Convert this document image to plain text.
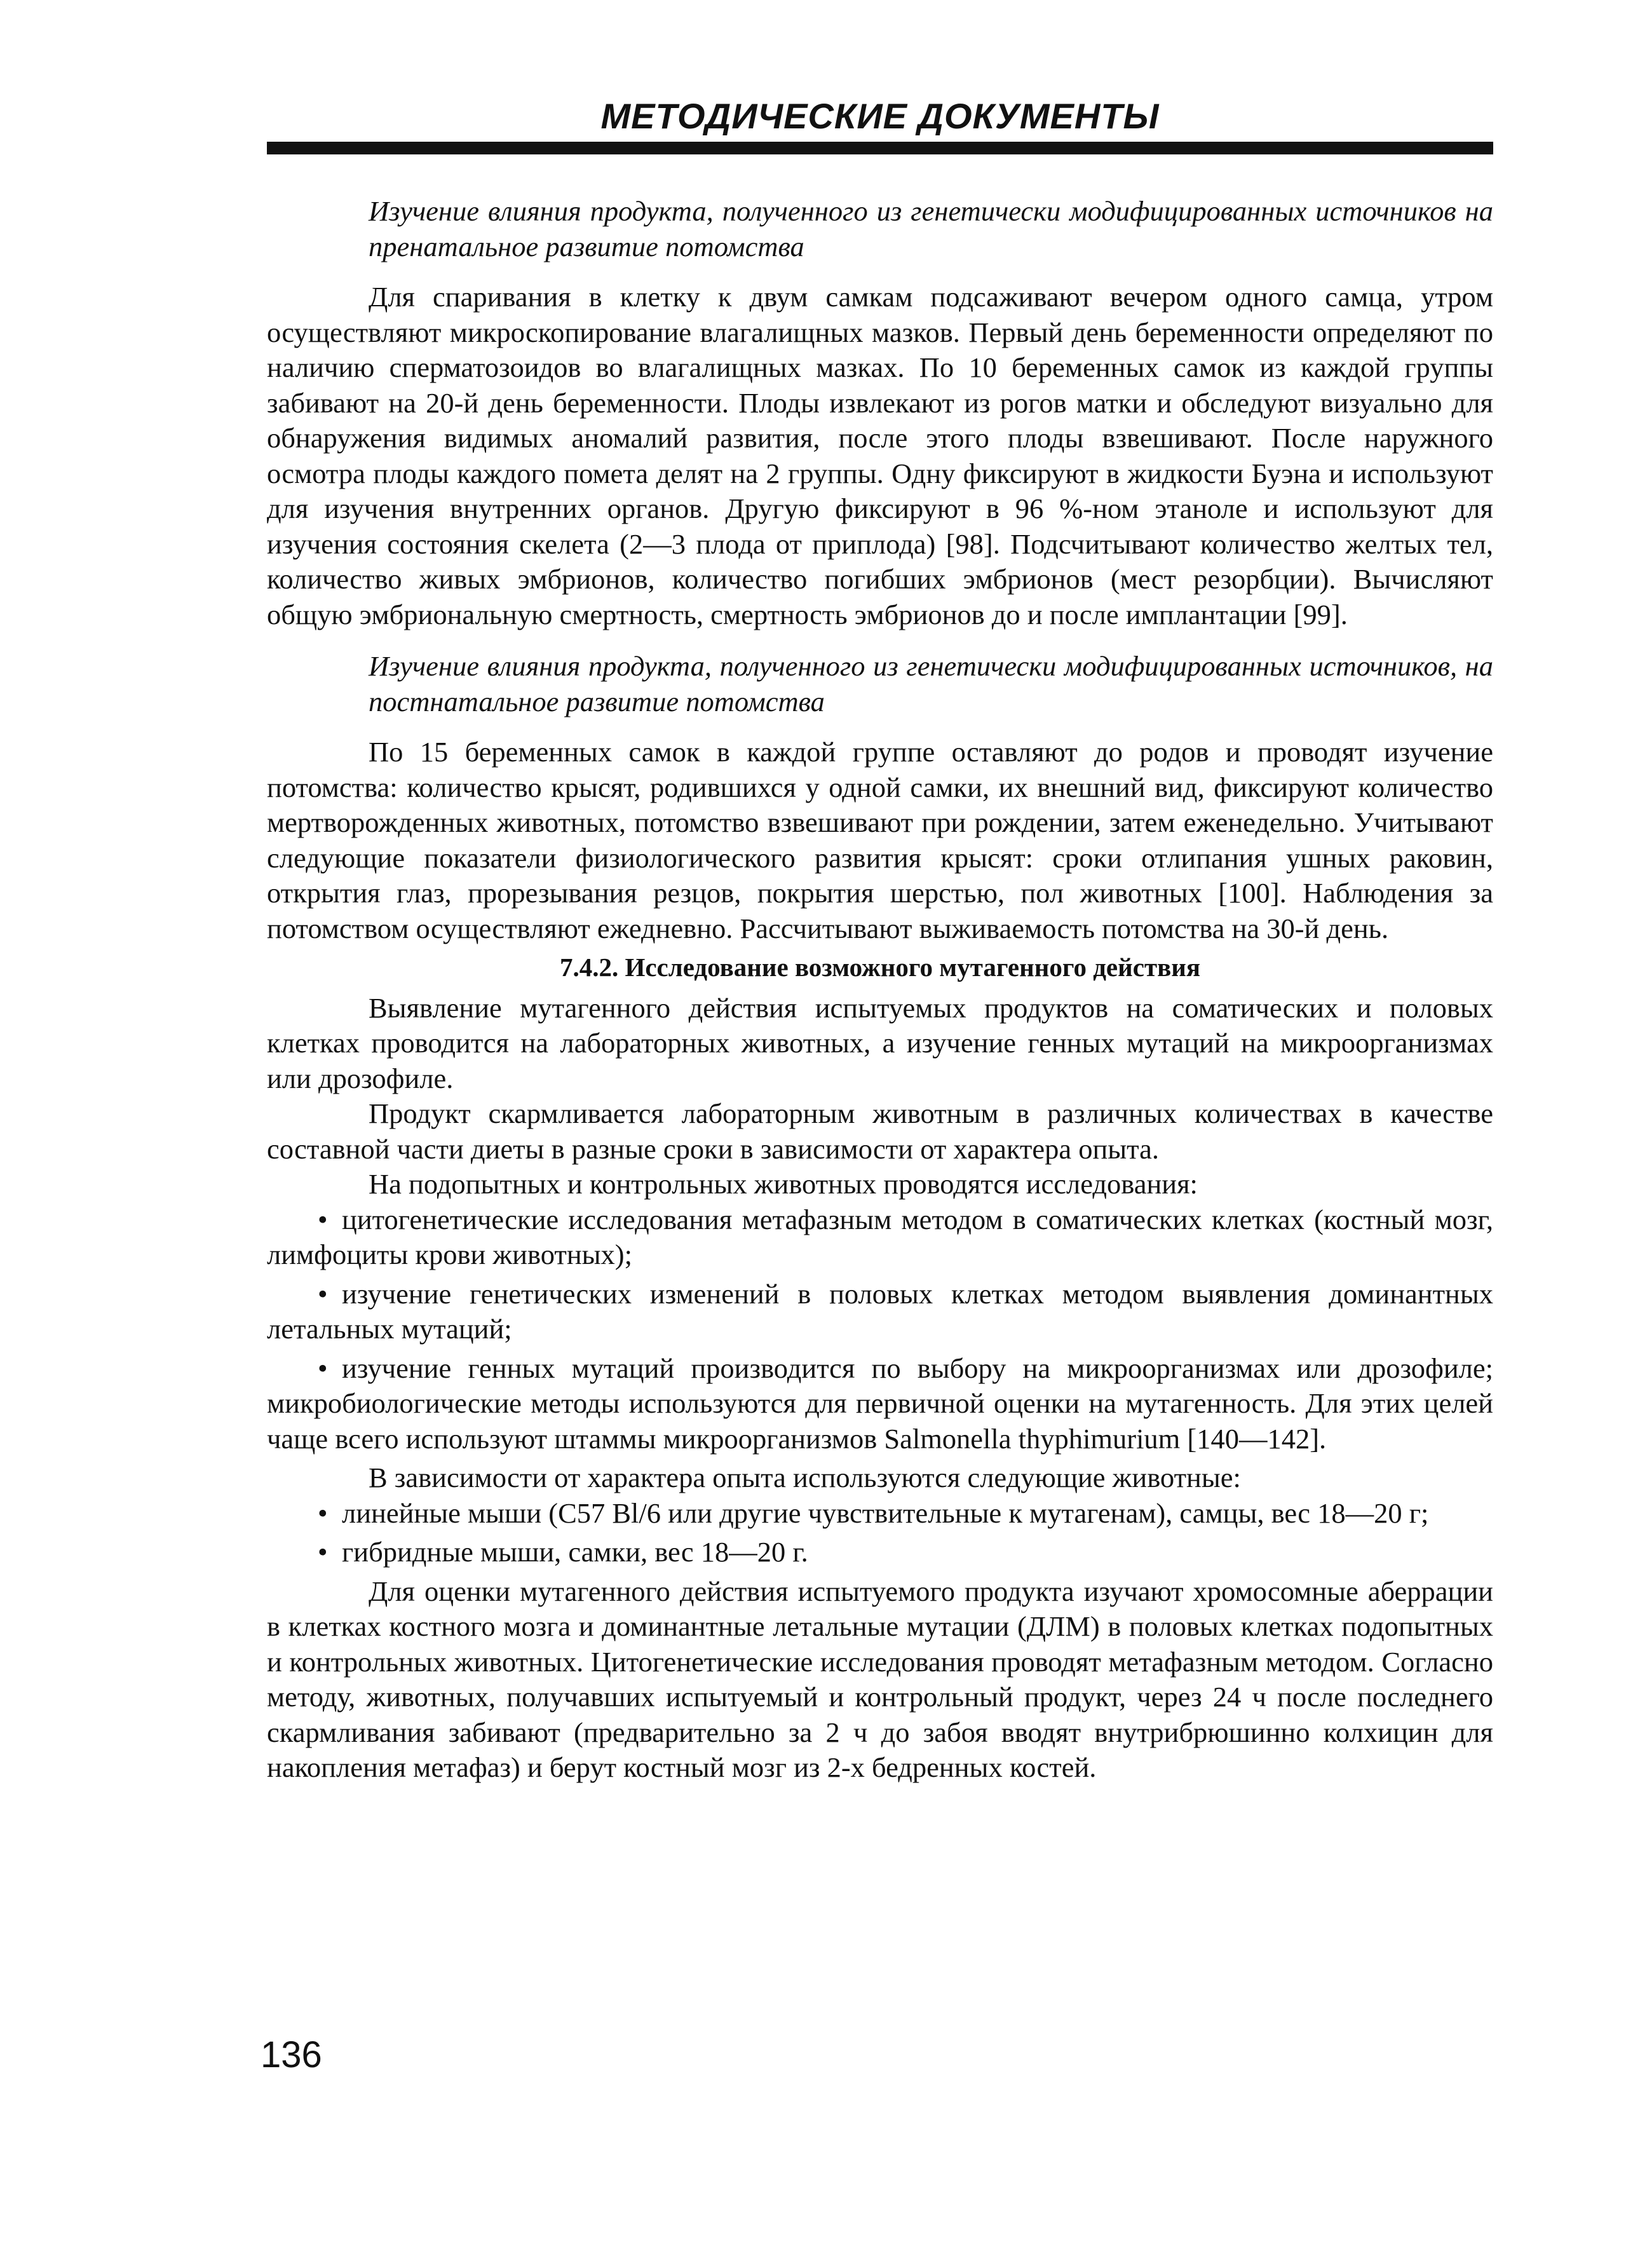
МЕТОДИЧЕСКИЕ ДОКУМЕНТЫ

Изучение влияния продукта, полученного из генетически модифицированных источников на пренатальное развитие потомства

Для спаривания в клетку к двум самкам подсаживают вечером одного самца, утром осуществляют микроскопирование влагалищных мазков. Первый день беременности определяют по наличию сперматозоидов во влагалищных мазках. По 10 беременных самок из каждой группы забивают на 20-й день беременности. Плоды извлекают из рогов матки и обследуют визуально для обнаружения видимых аномалий развития, после этого плоды взвешивают. После наружного осмотра плоды каждого помета делят на 2 группы. Одну фиксируют в жидкости Буэна и используют для изучения внутренних органов. Другую фиксируют в 96 %-ном этаноле и используют для изучения состояния скелета (2—3 плода от приплода) [98]. Подсчитывают количество желтых тел, количество живых эмбрионов, количество погибших эмбрионов (мест резорбции). Вычисляют общую эмбриональную смертность, смертность эмбрионов до и после имплантации [99].

Изучение влияния продукта, полученного из генетически модифицированных источников, на постнатальное развитие потомства

По 15 беременных самок в каждой группе оставляют до родов и проводят изучение потомства: количество крысят, родившихся у одной самки, их внешний вид, фиксируют количество мертворожденных животных, потомство взвешивают при рождении, затем еженедельно. Учитывают следующие показатели физиологического развития крысят: сроки отлипания ушных раковин, открытия глаз, прорезывания резцов, покрытия шерстью, пол животных [100]. Наблюдения за потомством осуществляют ежедневно. Рассчитывают выживаемость потомства на 30-й день.

7.4.2. Исследование возможного мутагенного действия

Выявление мутагенного действия испытуемых продуктов на соматических и половых клетках проводится на лабораторных животных, а изучение генных мутаций на микроорганизмах или дрозофиле.

Продукт скармливается лабораторным животным в различных количествах в качестве составной части диеты в разные сроки в зависимости от характера опыта.

На подопытных и контрольных животных проводятся исследования:

• цитогенетические исследования метафазным методом в соматических клетках (костный мозг, лимфоциты крови животных);

• изучение генетических изменений в половых клетках методом выявления доминантных летальных мутаций;

• изучение генных мутаций производится по выбору на микроорганизмах или дрозофиле; микробиологические методы используются для первичной оценки на мутагенность. Для этих целей чаще всего используют штаммы микроорганизмов Salmonella thyphimurium [140—142].

В зависимости от характера опыта используются следующие животные:

• линейные мыши (С57 Bl/6 или другие чувствительные к мутагенам), самцы, вес 18—20 г;

• гибридные мыши, самки, вес 18—20 г.

Для оценки мутагенного действия испытуемого продукта изучают хромосомные аберрации в клетках костного мозга и доминантные летальные мутации (ДЛМ) в половых клетках подопытных и контрольных животных. Цитогенетические исследования проводят метафазным методом. Согласно методу, животных, получавших испытуемый и контрольный продукт, через 24 ч после последнего скармливания забивают (предварительно за 2 ч до забоя вводят внутрибрюшинно колхицин для накопления метафаз) и берут костный мозг из 2-х бедренных костей.

136
